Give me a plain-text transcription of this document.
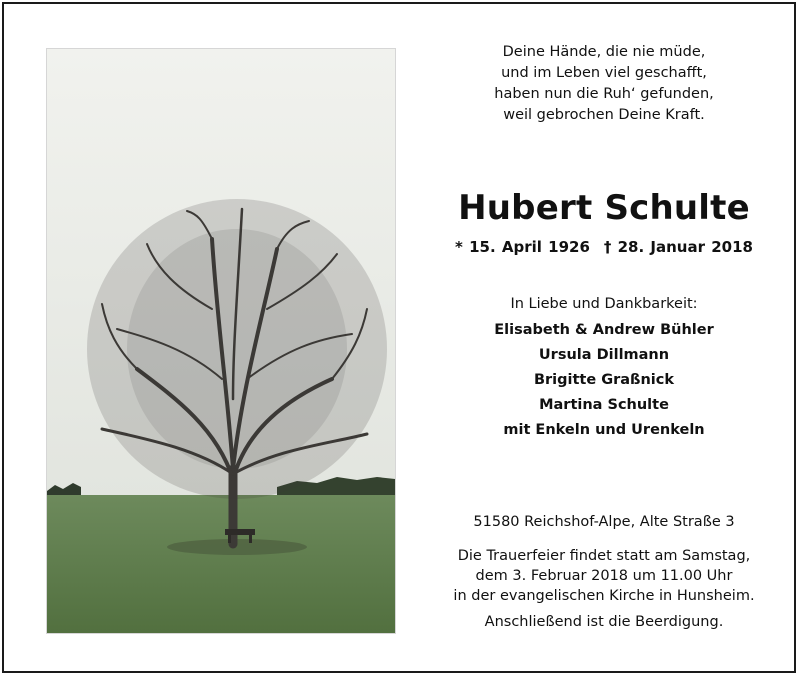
Deine Hände, die nie müde,
und im Leben viel geschafft,
haben nun die Ruh‘ gefunden,
weil gebrochen Deine Kraft.
Hubert Schulte
* 15. April 1926 † 28. Januar 2018
In Liebe und Dankbarkeit:
Elisabeth & Andrew Bühler
Ursula Dillmann
Brigitte Graßnick
Martina Schulte
mit Enkeln und Urenkeln
51580 Reichshof-Alpe, Alte Straße 3
Die Trauerfeier findet statt am Samstag,
dem 3. Februar 2018 um 11.00 Uhr
in der evangelischen Kirche in Hunsheim.
Anschließend ist die Beerdigung.
